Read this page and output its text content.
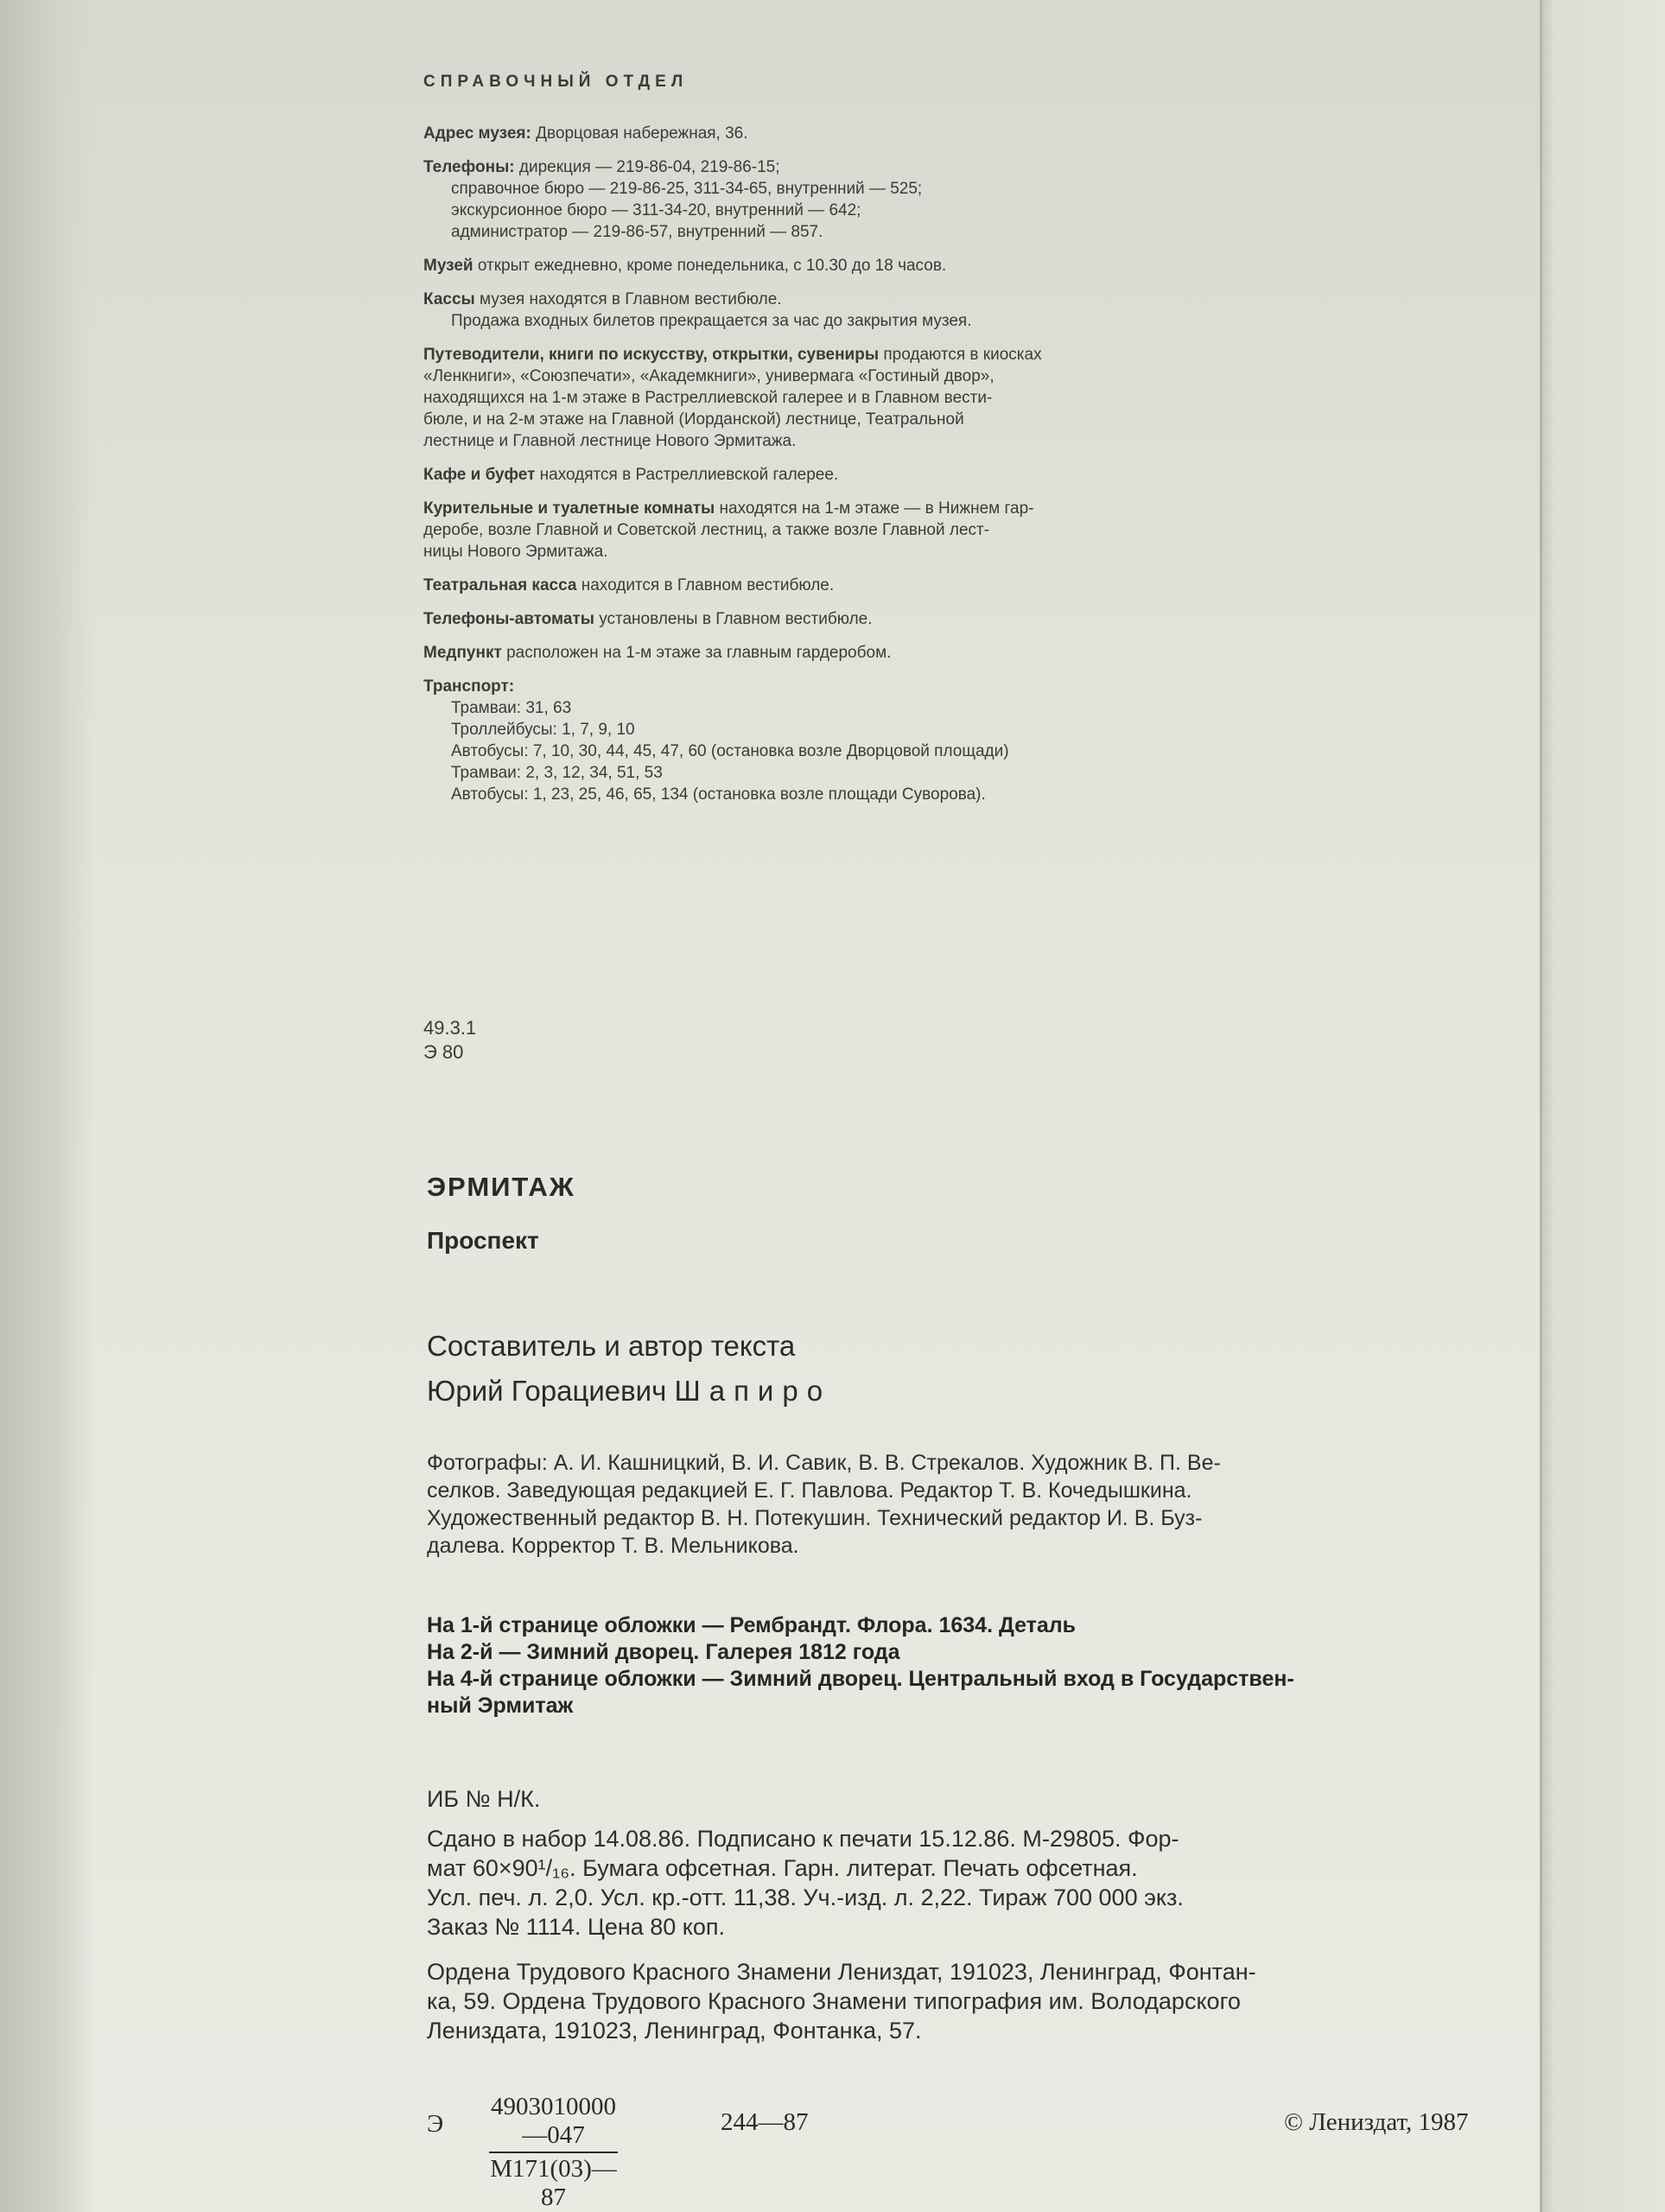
СПРАВОЧНЫЙ ОТДЕЛ
Адрес музея: Дворцовая набережная, 36.
Телефоны: дирекция — 219-86-04, 219-86-15;
справочное бюро — 219-86-25, 311-34-65, внутренний — 525;
экскурсионное бюро — 311-34-20, внутренний — 642;
администратор — 219-86-57, внутренний — 857.
Музей открыт ежедневно, кроме понедельника, с 10.30 до 18 часов.
Кассы музея находятся в Главном вестибюле.
Продажа входных билетов прекращается за час до закрытия музея.
Путеводители, книги по искусству, открытки, сувениры продаются в киосках
«Ленкниги», «Союзпечати», «Академкниги», универмага «Гостиный двор»,
находящихся на 1-м этаже в Растреллиевской галерее и в Главном вести-
бюле, и на 2-м этаже на Главной (Иорданской) лестнице, Театральной
лестнице и Главной лестнице Нового Эрмитажа.
Кафе и буфет находятся в Растреллиевской галерее.
Курительные и туалетные комнаты находятся на 1-м этаже — в Нижнем гар-
деробе, возле Главной и Советской лестниц, а также возле Главной лест-
ницы Нового Эрмитажа.
Театральная касса находится в Главном вестибюле.
Телефоны-автоматы установлены в Главном вестибюле.
Медпункт расположен на 1-м этаже за главным гардеробом.
Транспорт:
Трамваи: 31, 63
Троллейбусы: 1, 7, 9, 10
Автобусы: 7, 10, 30, 44, 45, 47, 60 (остановка возле Дворцовой площади)
Трамваи: 2, 3, 12, 34, 51, 53
Автобусы: 1, 23, 25, 46, 65, 134 (остановка возле площади Суворова).
49.3.1
Э 80
ЭРМИТАЖ
Проспект
Составитель и автор текста
Юрий Горациевич Шапиро
Фотографы: А. И. Кашницкий, В. И. Савик, В. В. Стрекалов. Художник В. П. Ве-
селков. Заведующая редакцией Е. Г. Павлова. Редактор Т. В. Кочедышкина.
Художественный редактор В. Н. Потекушин. Технический редактор И. В. Буз-
далева. Корректор Т. В. Мельникова.
На 1-й странице обложки — Рембрандт. Флора. 1634. Деталь
На 2-й — Зимний дворец. Галерея 1812 года
На 4-й странице обложки — Зимний дворец. Центральный вход в Государствен-
ный Эрмитаж
ИБ № Н/К.
Сдано в набор 14.08.86. Подписано к печати 15.12.86. М-29805. Фор-
мат 60×90¹/₁₆. Бумага офсетная. Гарн. литерат. Печать офсетная.
Усл. печ. л. 2,0. Усл. кр.-отт. 11,38. Уч.-изд. л. 2,22. Тираж 700 000 экз.
Заказ № 1114. Цена 80 коп.
Ордена Трудового Красного Знамени Лениздат, 191023, Ленинград, Фонтан-
ка, 59. Ордена Трудового Красного Знамени типография им. Володарского
Лениздата, 191023, Ленинград, Фонтанка, 57.
Э
4903010000—047
М171(03)—87
244—87	© Лениздат, 1987
